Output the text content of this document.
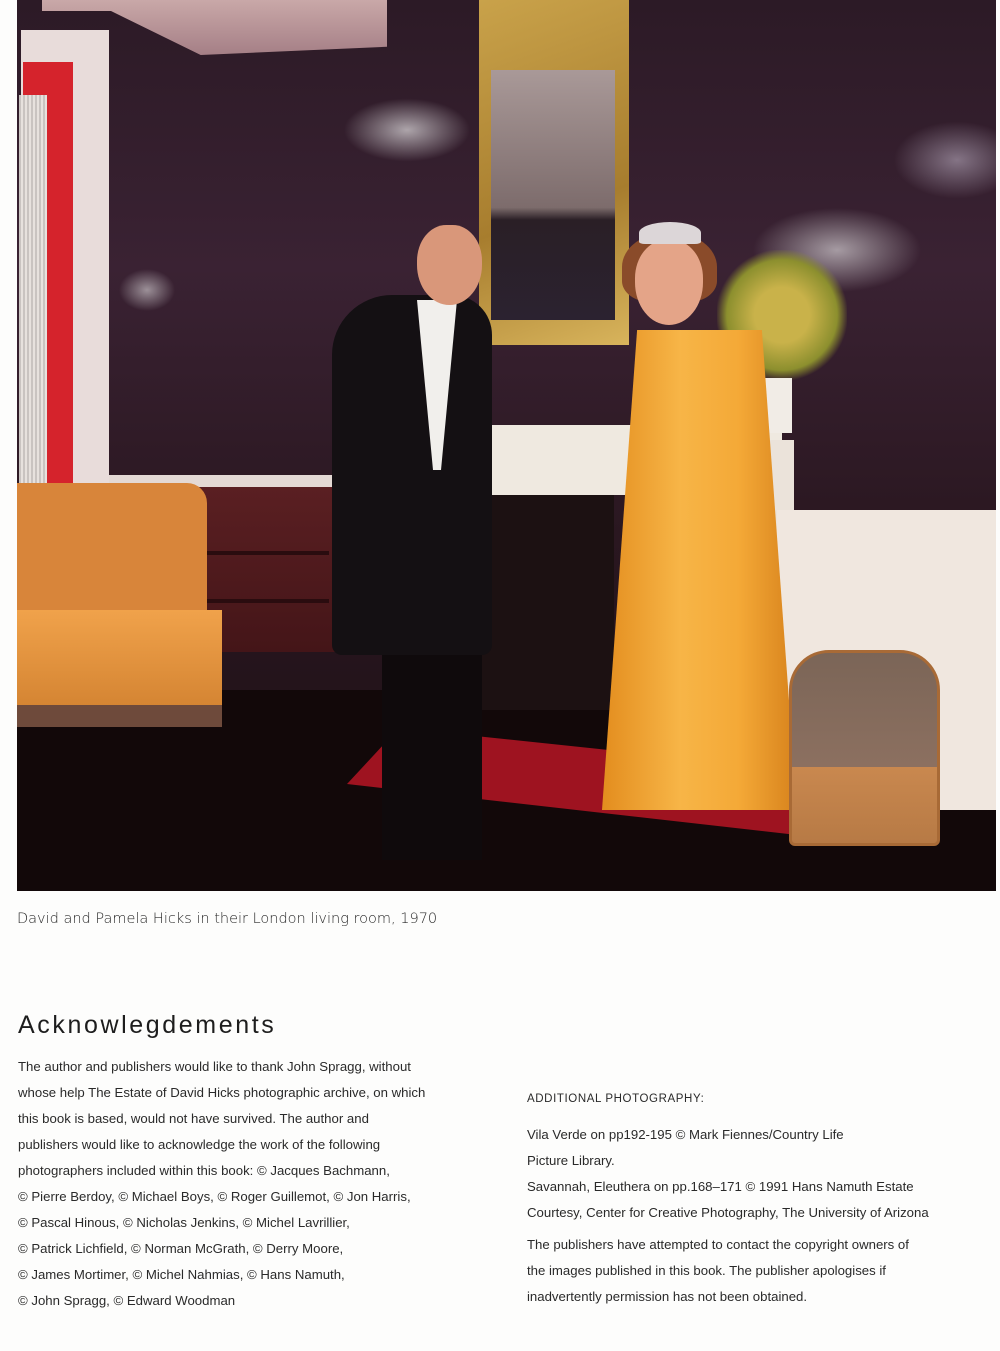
David and Pamela Hicks in their London living room, 1970

Acknowlegdements
The author and publishers would like to thank John Spragg, without
whose help The Estate of David Hicks photographic archive, on which
this book is based, would not have survived. The author and
publishers would like to acknowledge the work of the following
photographers included within this book: © Jacques Bachmann,
© Pierre Berdoy, © Michael Boys, © Roger Guillemot, © Jon Harris,
© Pascal Hinous, © Nicholas Jenkins, © Michel Lavrillier,
© Patrick Lichfield, © Norman McGrath, © Derry Moore,
© James Mortimer, © Michel Nahmias, © Hans Namuth,
© John Spragg, © Edward Woodman
ADDITIONAL PHOTOGRAPHY:
Vila Verde on pp192-195 © Mark Fiennes/Country Life
Picture Library.
Savannah, Eleuthera on pp.168–171 © 1991 Hans Namuth Estate
Courtesy, Center for Creative Photography, The University of Arizona
The publishers have attempted to contact the copyright owners of
the images published in this book. The publisher apologises if
inadvertently permission has not been obtained.
